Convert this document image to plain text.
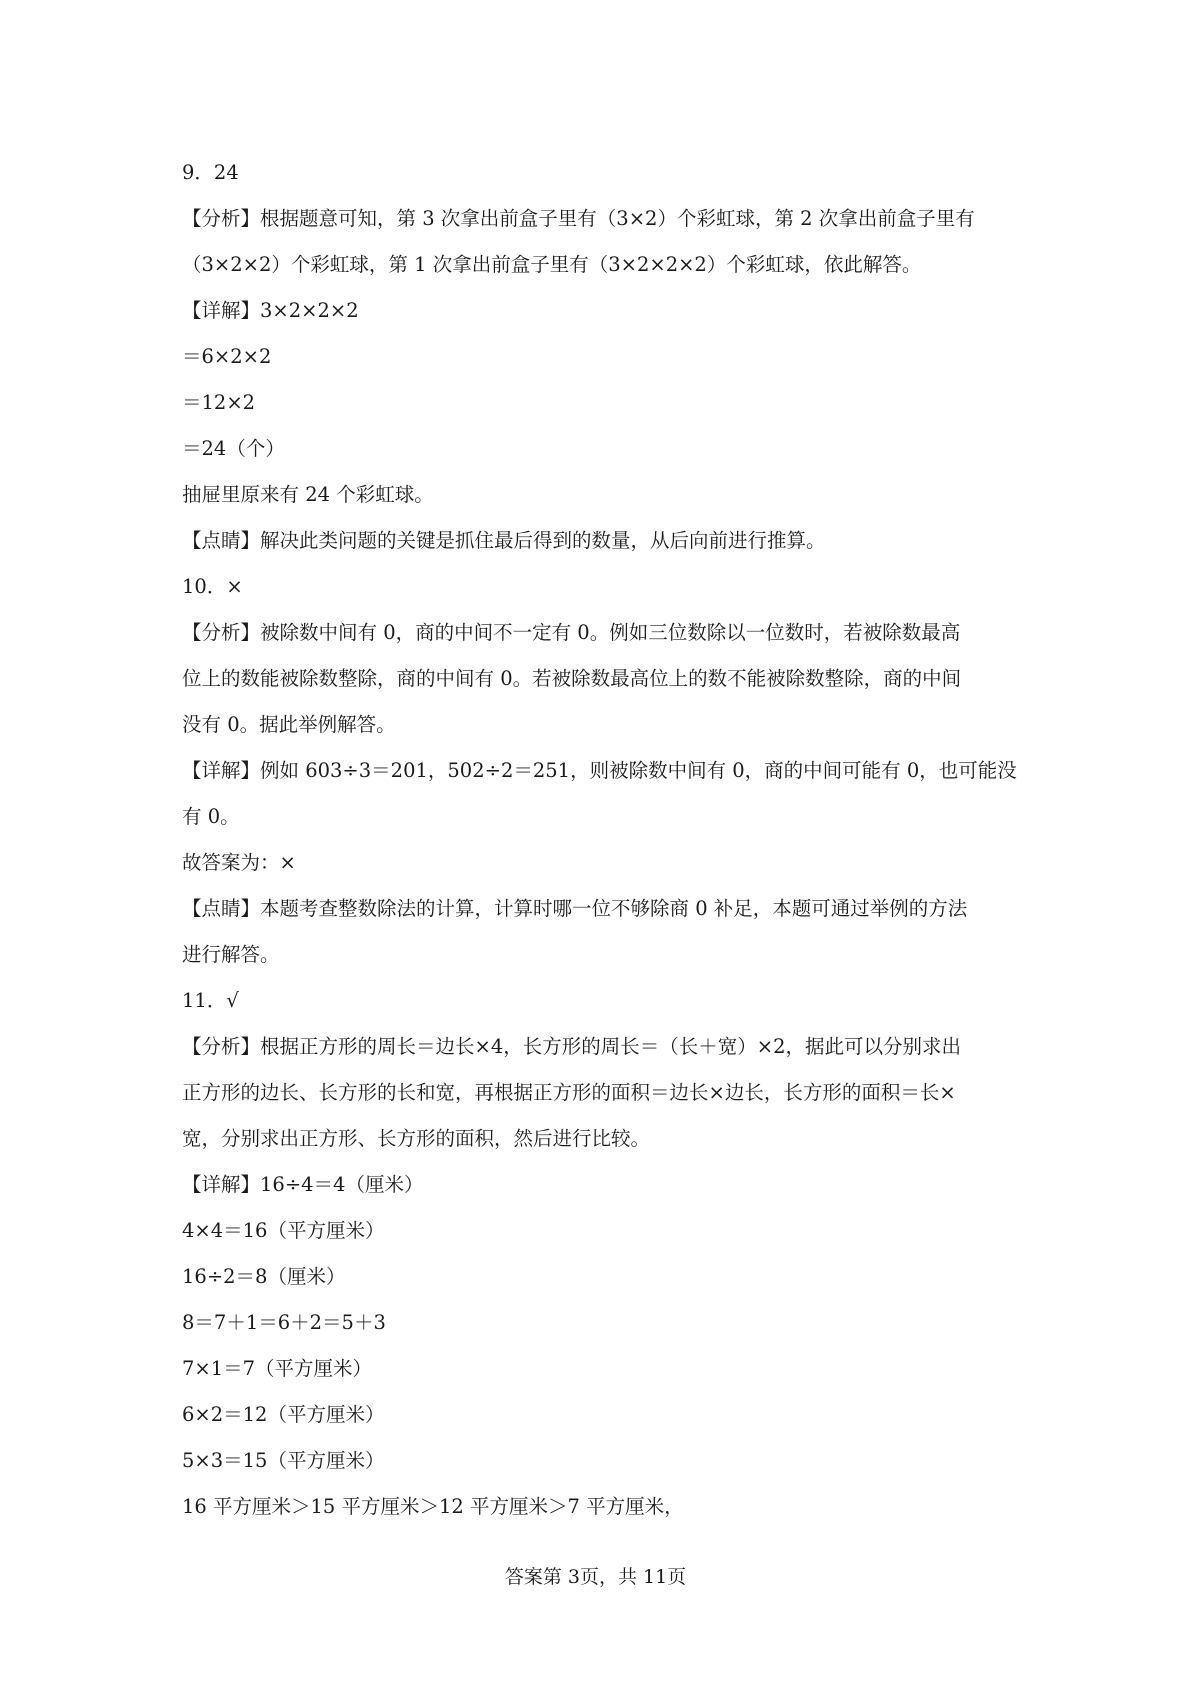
9．24
【分析】根据题意可知，第 3 次拿出前盒子里有（3×2）个彩虹球，第 2 次拿出前盒子里有
（3×2×2）个彩虹球，第 1 次拿出前盒子里有（3×2×2×2）个彩虹球，依此解答。
【详解】3×2×2×2
＝6×2×2
＝12×2
＝24（个）
抽屉里原来有 24 个彩虹球。
【点睛】解决此类问题的关键是抓住最后得到的数量，从后向前进行推算。
10．×
【分析】被除数中间有 0，商的中间不一定有 0。例如三位数除以一位数时，若被除数最高
位上的数能被除数整除，商的中间有 0。若被除数最高位上的数不能被除数整除，商的中间
没有 0。据此举例解答。
【详解】例如 603÷3＝201，502÷2＝251，则被除数中间有 0，商的中间可能有 0，也可能没
有 0。
故答案为：×
【点睛】本题考查整数除法的计算，计算时哪一位不够除商 0 补足，本题可通过举例的方法
进行解答。
11．√
【分析】根据正方形的周长＝边长×4，长方形的周长＝（长＋宽）×2，据此可以分别求出
正方形的边长、长方形的长和宽，再根据正方形的面积＝边长×边长，长方形的面积＝长×
宽，分别求出正方形、长方形的面积，然后进行比较。
【详解】16÷4＝4（厘米）
4×4＝16（平方厘米）
16÷2＝8（厘米）
8＝7＋1＝6＋2＝5＋3
7×1＝7（平方厘米）
6×2＝12（平方厘米）
5×3＝15（平方厘米）
16 平方厘米＞15 平方厘米＞12 平方厘米＞7 平方厘米，
答案第 3页，共 11页
